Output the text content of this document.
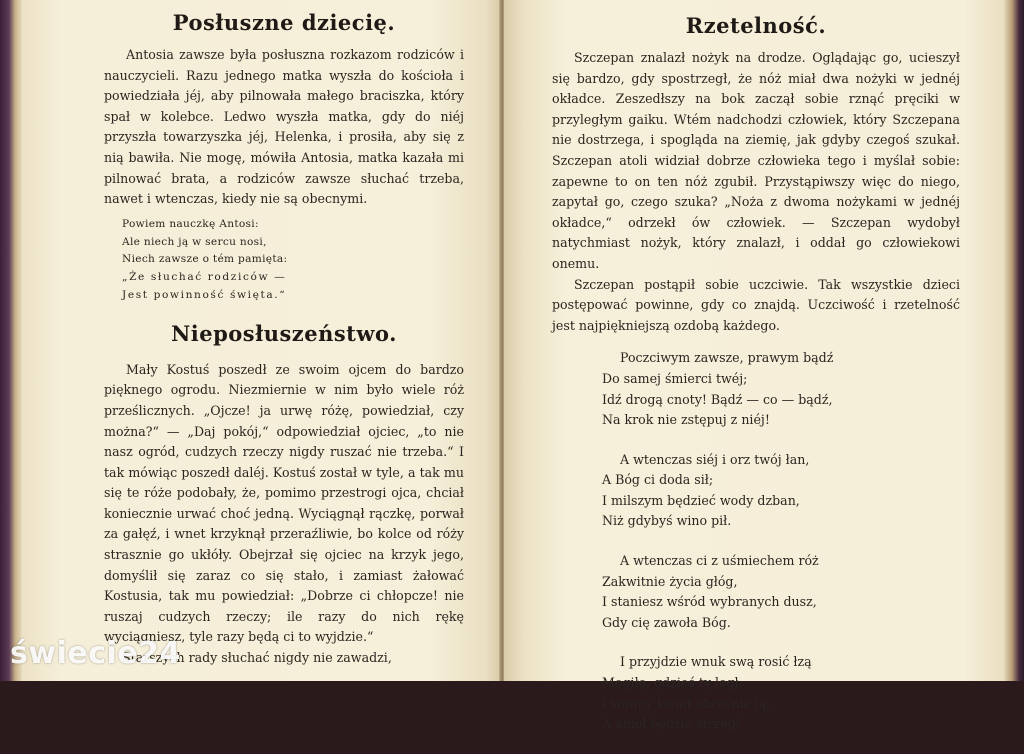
Posłuszne dziecię.

Antosia zawsze była posłuszna rozkazom rodziców i nauczycieli. Razu jednego matka wyszła do kościoła i powiedziała jéj, aby pilnowała małego braciszka, który spał w kolebce. Ledwo wyszła matka, gdy do niéj przyszła towarzyszka jéj, Helenka, i prosiła, aby się z nią bawiła. Nie mogę, mówiła Antosia, matka kazała mi pilnować brata, a rodziców zawsze słuchać trzeba, nawet i wtenczas, kiedy nie są obecnymi.

Powiem nauczkę Antosi:
Ale niech ją w sercu nosi,
Niech zawsze o tém pamięta:
„Że słuchać rodziców —
Jest powinność święta.“
Nieposłuszeństwo.

Mały Kostuś poszedł ze swoim ojcem do bardzo pięknego ogrodu. Niezmiernie w nim było wiele róż prześlicznych. „Ojcze! ja urwę różę, powiedział, czy można?“ — „Daj pokój,“ odpowiedział ojciec, „to nie nasz ogród, cudzych rzeczy nigdy ruszać nie trzeba.“ I tak mówiąc poszedł daléj. Kostuś został w tyle, a tak mu się te róże podobały, że, pomimo przestrogi ojca, chciał koniecznie urwać choć jedną. Wyciągnął rączkę, porwał za gałęź, i wnet krzyknął przeraźliwie, bo kolce od róży strasznie go ukłóły. Obejrzał się ojciec na krzyk jego, domyślił się zaraz co się stało, i zamiast żałować Kostusia, tak mu powiedział: „Dobrze ci chłopcze! nie ruszaj cudzych rzeczy; ile razy do nich rękę wyciągniesz, tyle razy będą ci to wyjdzie.“

Starszych rady słuchać nigdy nie zawadzi,

Rzetelność.

Szczepan znalazł nożyk na drodze. Oglądając go, ucieszył się bardzo, gdy spostrzegł, że nóż miał dwa nożyki w jednéj okładce. Zeszedłszy na bok zaczął sobie rznąć pręciki w przyległym gaiku. Wtém nadchodzi człowiek, który Szczepana nie dostrzega, i spogląda na ziemię, jak gdyby czegoś szukał. Szczepan atoli widział dobrze człowieka tego i myślał sobie: zapewne to on ten nóż zgubił. Przystąpiwszy więc do niego, zapytał go, czego szuka? „Noża z dwoma nożykami w jednéj okładce,“ odrzekł ów człowiek. — Szczepan wydobył natychmiast nożyk, który znalazł, i oddał go człowiekowi onemu.

Szczepan postąpił sobie uczciwie. Tak wszystkie dzieci postępować powinne, gdy co znajdą. Uczciwość i rzetelność jest najpiękniejszą ozdobą każdego.

Poczciwym zawsze, prawym bądź
Do samej śmierci twéj;
Idź drogą cnoty! Bądź — co — bądź,
Na krok nie zstępuj z niéj!
A wtenczas siéj i orz twój łan,
A Bóg ci doda sił;
I milszym będzieć wody dzban,
Niż gdybyś wino pił.
A wtenczas ci z uśmiechem róż
Zakwitnie życia głóg,
I staniesz wśród wybranych dusz,
Gdy cię zawoła Bóg.
I przyjdzie wnuk swą rosić łzą
Mogiłę, gdzieś ty legł;
I wonny kwiat obrośnie ją,
A anioł będzie strzegł
świecie24
